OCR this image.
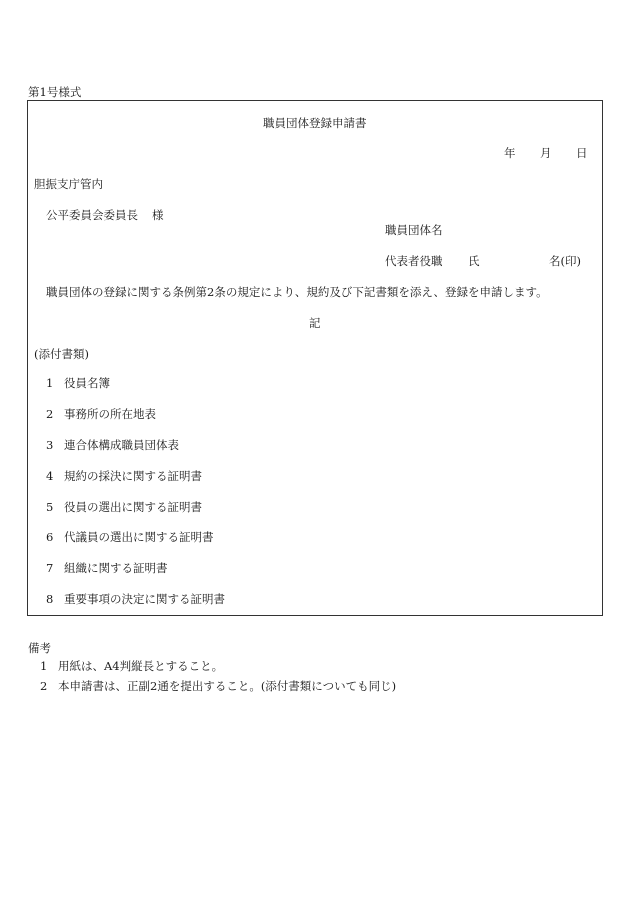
第1号様式
職員団体登録申請書
年 月 日
胆振支庁管内
公平委員会委員長 様
職員団体名
代表者役職 氏	名(印)
職員団体の登録に関する条例第2条の規定により、規約及び下記書類を添え、登録を申請します。
記
(添付書類)
1 役員名簿
2 事務所の所在地表
3 連合体構成職員団体表
4 規約の採決に関する証明書
5 役員の選出に関する証明書
6 代議員の選出に関する証明書
7 組織に関する証明書
8 重要事項の決定に関する証明書
備考
1 用紙は、A4判縦長とすること。
2 本申請書は、正副2通を提出すること。(添付書類についても同じ)
